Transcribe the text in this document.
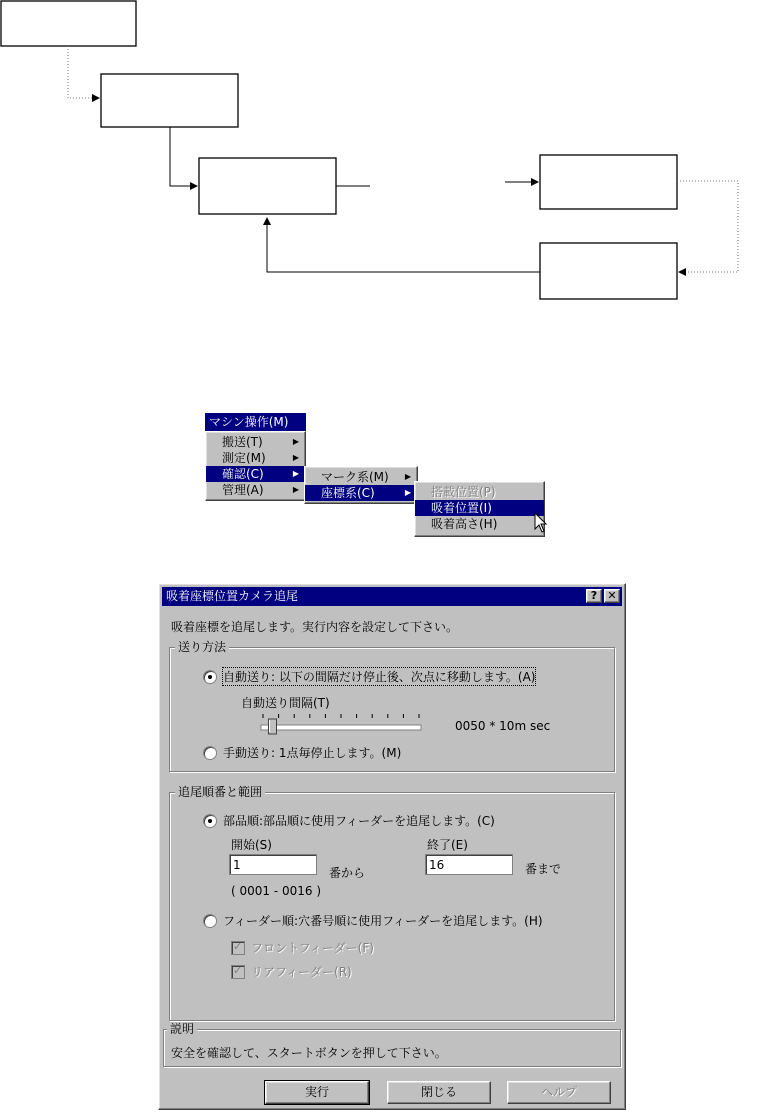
マシン操作(M)
搬送(T)	▶
測定(M)	▶
確認(C)	▶
管理(A)	▶
マーク系(M) ▶
座標系(C)	▶	搭載位置(P)
吸着位置(I)
吸着高さ(H)
吸着座標位置カメラ追尾	? ✕
吸着座標を追尾します。実行内容を設定して下さい。
送り方法
自動送り: 以下の間隔だけ停止後、次点に移動します。(A)
自動送り間隔(T)
0050 * 10m sec
手動送り: 1点毎停止します。(M)
追尾順番と範囲
部品順:部品順に使用フィーダーを追尾します。(C)
開始(S)
1
番から
終了(E)
16
番まで
( 0001 - 0016 )
フィーダー順:穴番号順に使用フィーダーを追尾します。(H)
✓
フロントフィーダー(F)
✓
リアフィーダー(R)
説明
安全を確認して、スタートボタンを押して下さい。
実行	閉じる	ヘルプ
